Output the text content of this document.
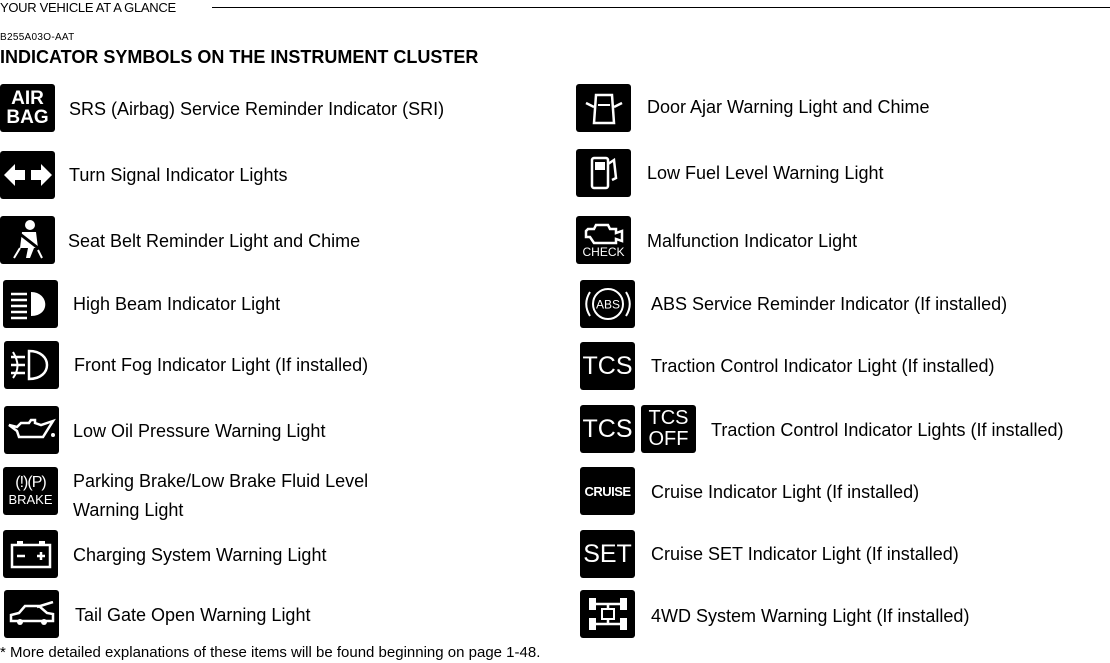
YOUR VEHICLE AT A GLANCE
B255A03O-AAT
INDICATOR SYMBOLS ON THE INSTRUMENT CLUSTER
AIR
BAG SRS (Airbag) Service Reminder Indicator (SRI)
Turn Signal Indicator Lights
Seat Belt Reminder Light and Chime
High Beam Indicator Light
Front Fog Indicator Light (If installed)
Low Oil Pressure Warning Light
(!)(P)
BRAKE
Parking Brake/Low Brake Fluid Level
Warning Light
Charging System Warning Light
Tail Gate Open Warning Light
Door Ajar Warning Light and Chime
Low Fuel Level Warning Light
CHECK
Malfunction Indicator Light
ABS ABS Service Reminder Indicator (If installed)
TCS Traction Control Indicator Light (If installed)
TCS TCS
OFF Traction Control Indicator Lights (If installed)
CRUISE Cruise Indicator Light (If installed)
SET Cruise SET Indicator Light (If installed)
4WD System Warning Light (If installed)
* More detailed explanations of these items will be found beginning on page 1-48.
